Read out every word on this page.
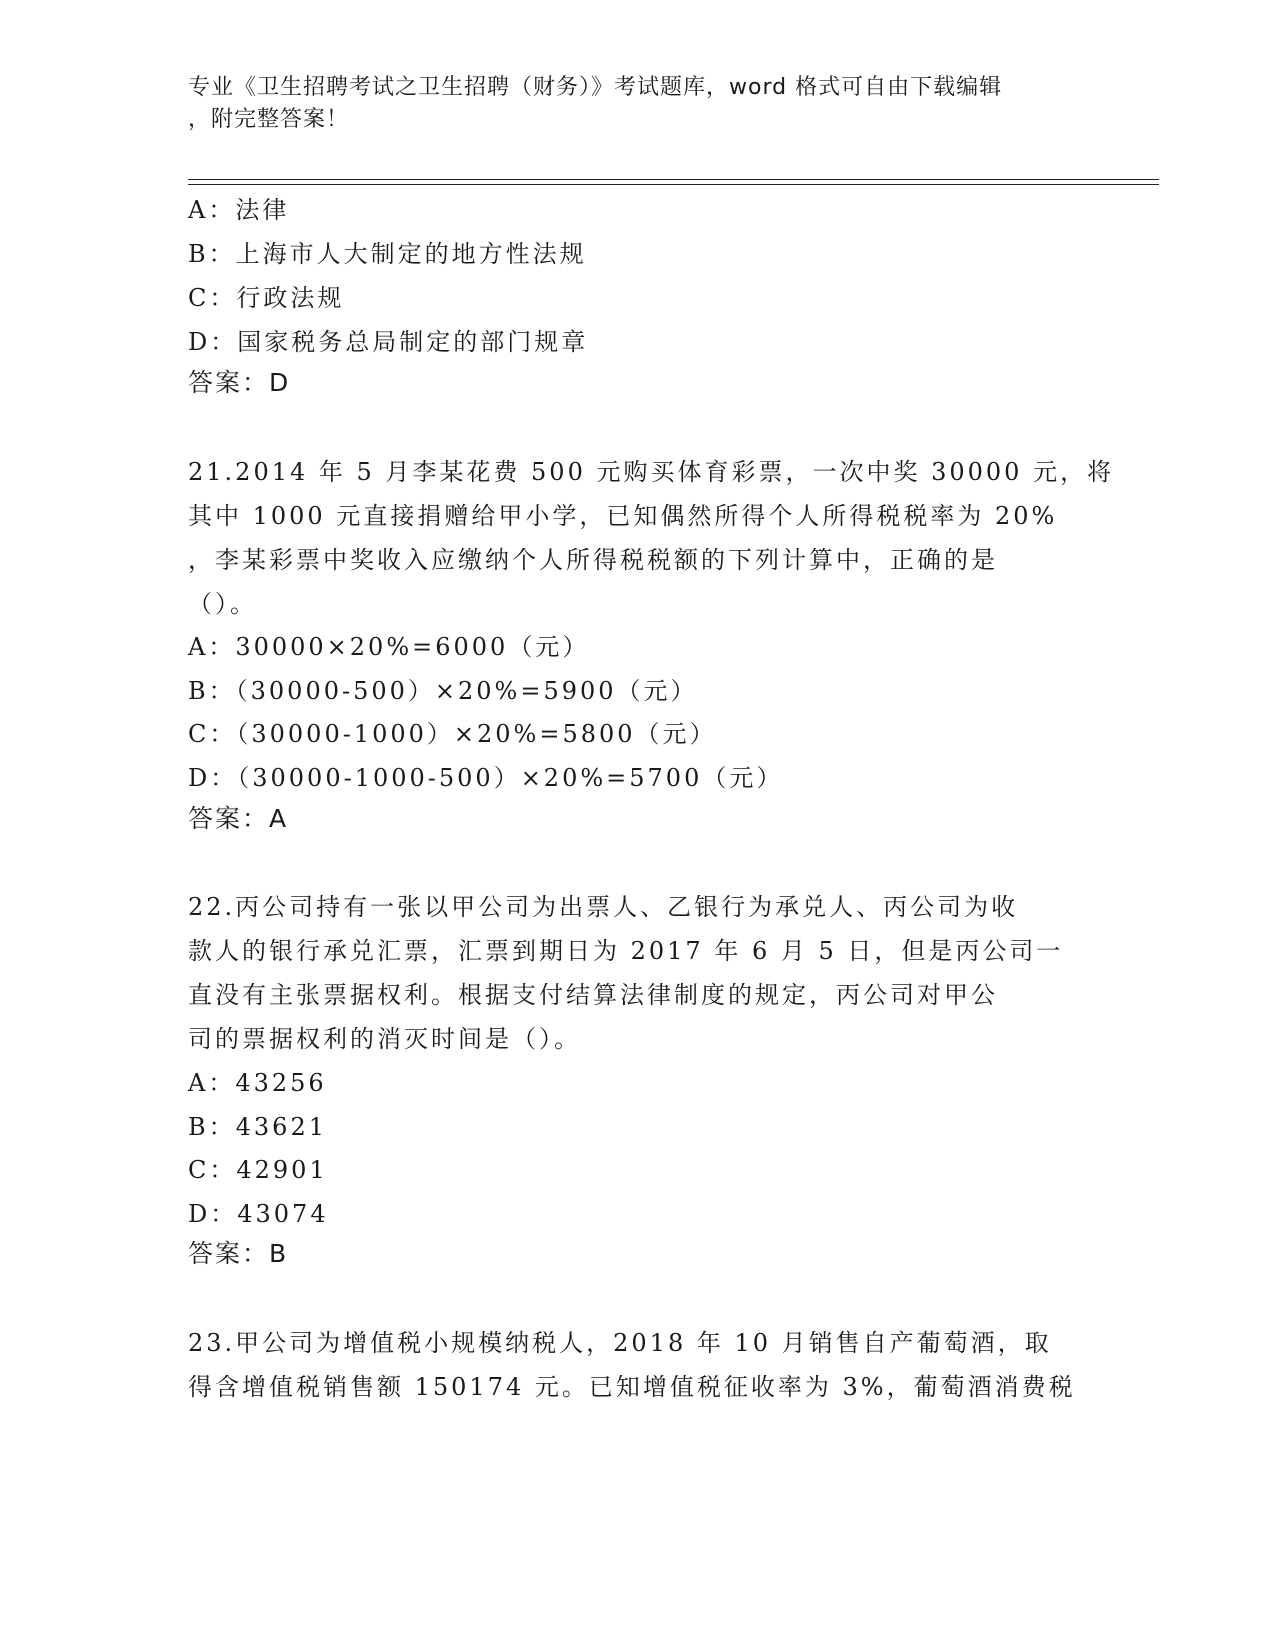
专业《卫生招聘考试之卫生招聘（财务）》考试题库，word 格式可自由下载编辑
，附完整答案！
A：法律
B：上海市人大制定的地方性法规
C：行政法规
D：国家税务总局制定的部门规章
答案：D
21.2014 年 5 月李某花费 500 元购买体育彩票，一次中奖 30000 元，将
其中 1000 元直接捐赠给甲小学，已知偶然所得个人所得税税率为 20%
，李某彩票中奖收入应缴纳个人所得税税额的下列计算中，正确的是
（）。
A：30000×20%=6000（元）
B：（30000-500）×20%=5900（元）
C：（30000-1000）×20%=5800（元）
D：（30000-1000-500）×20%=5700（元）
答案：A
22.丙公司持有一张以甲公司为出票人、乙银行为承兑人、丙公司为收
款人的银行承兑汇票，汇票到期日为 2017 年 6 月 5 日，但是丙公司一
直没有主张票据权利。根据支付结算法律制度的规定，丙公司对甲公
司的票据权利的消灭时间是（）。
A：43256
B：43621
C：42901
D：43074
答案：B
23.甲公司为增值税小规模纳税人，2018 年 10 月销售自产葡萄酒，取
得含增值税销售额 150174 元。已知增值税征收率为 3%，葡萄酒消费税
